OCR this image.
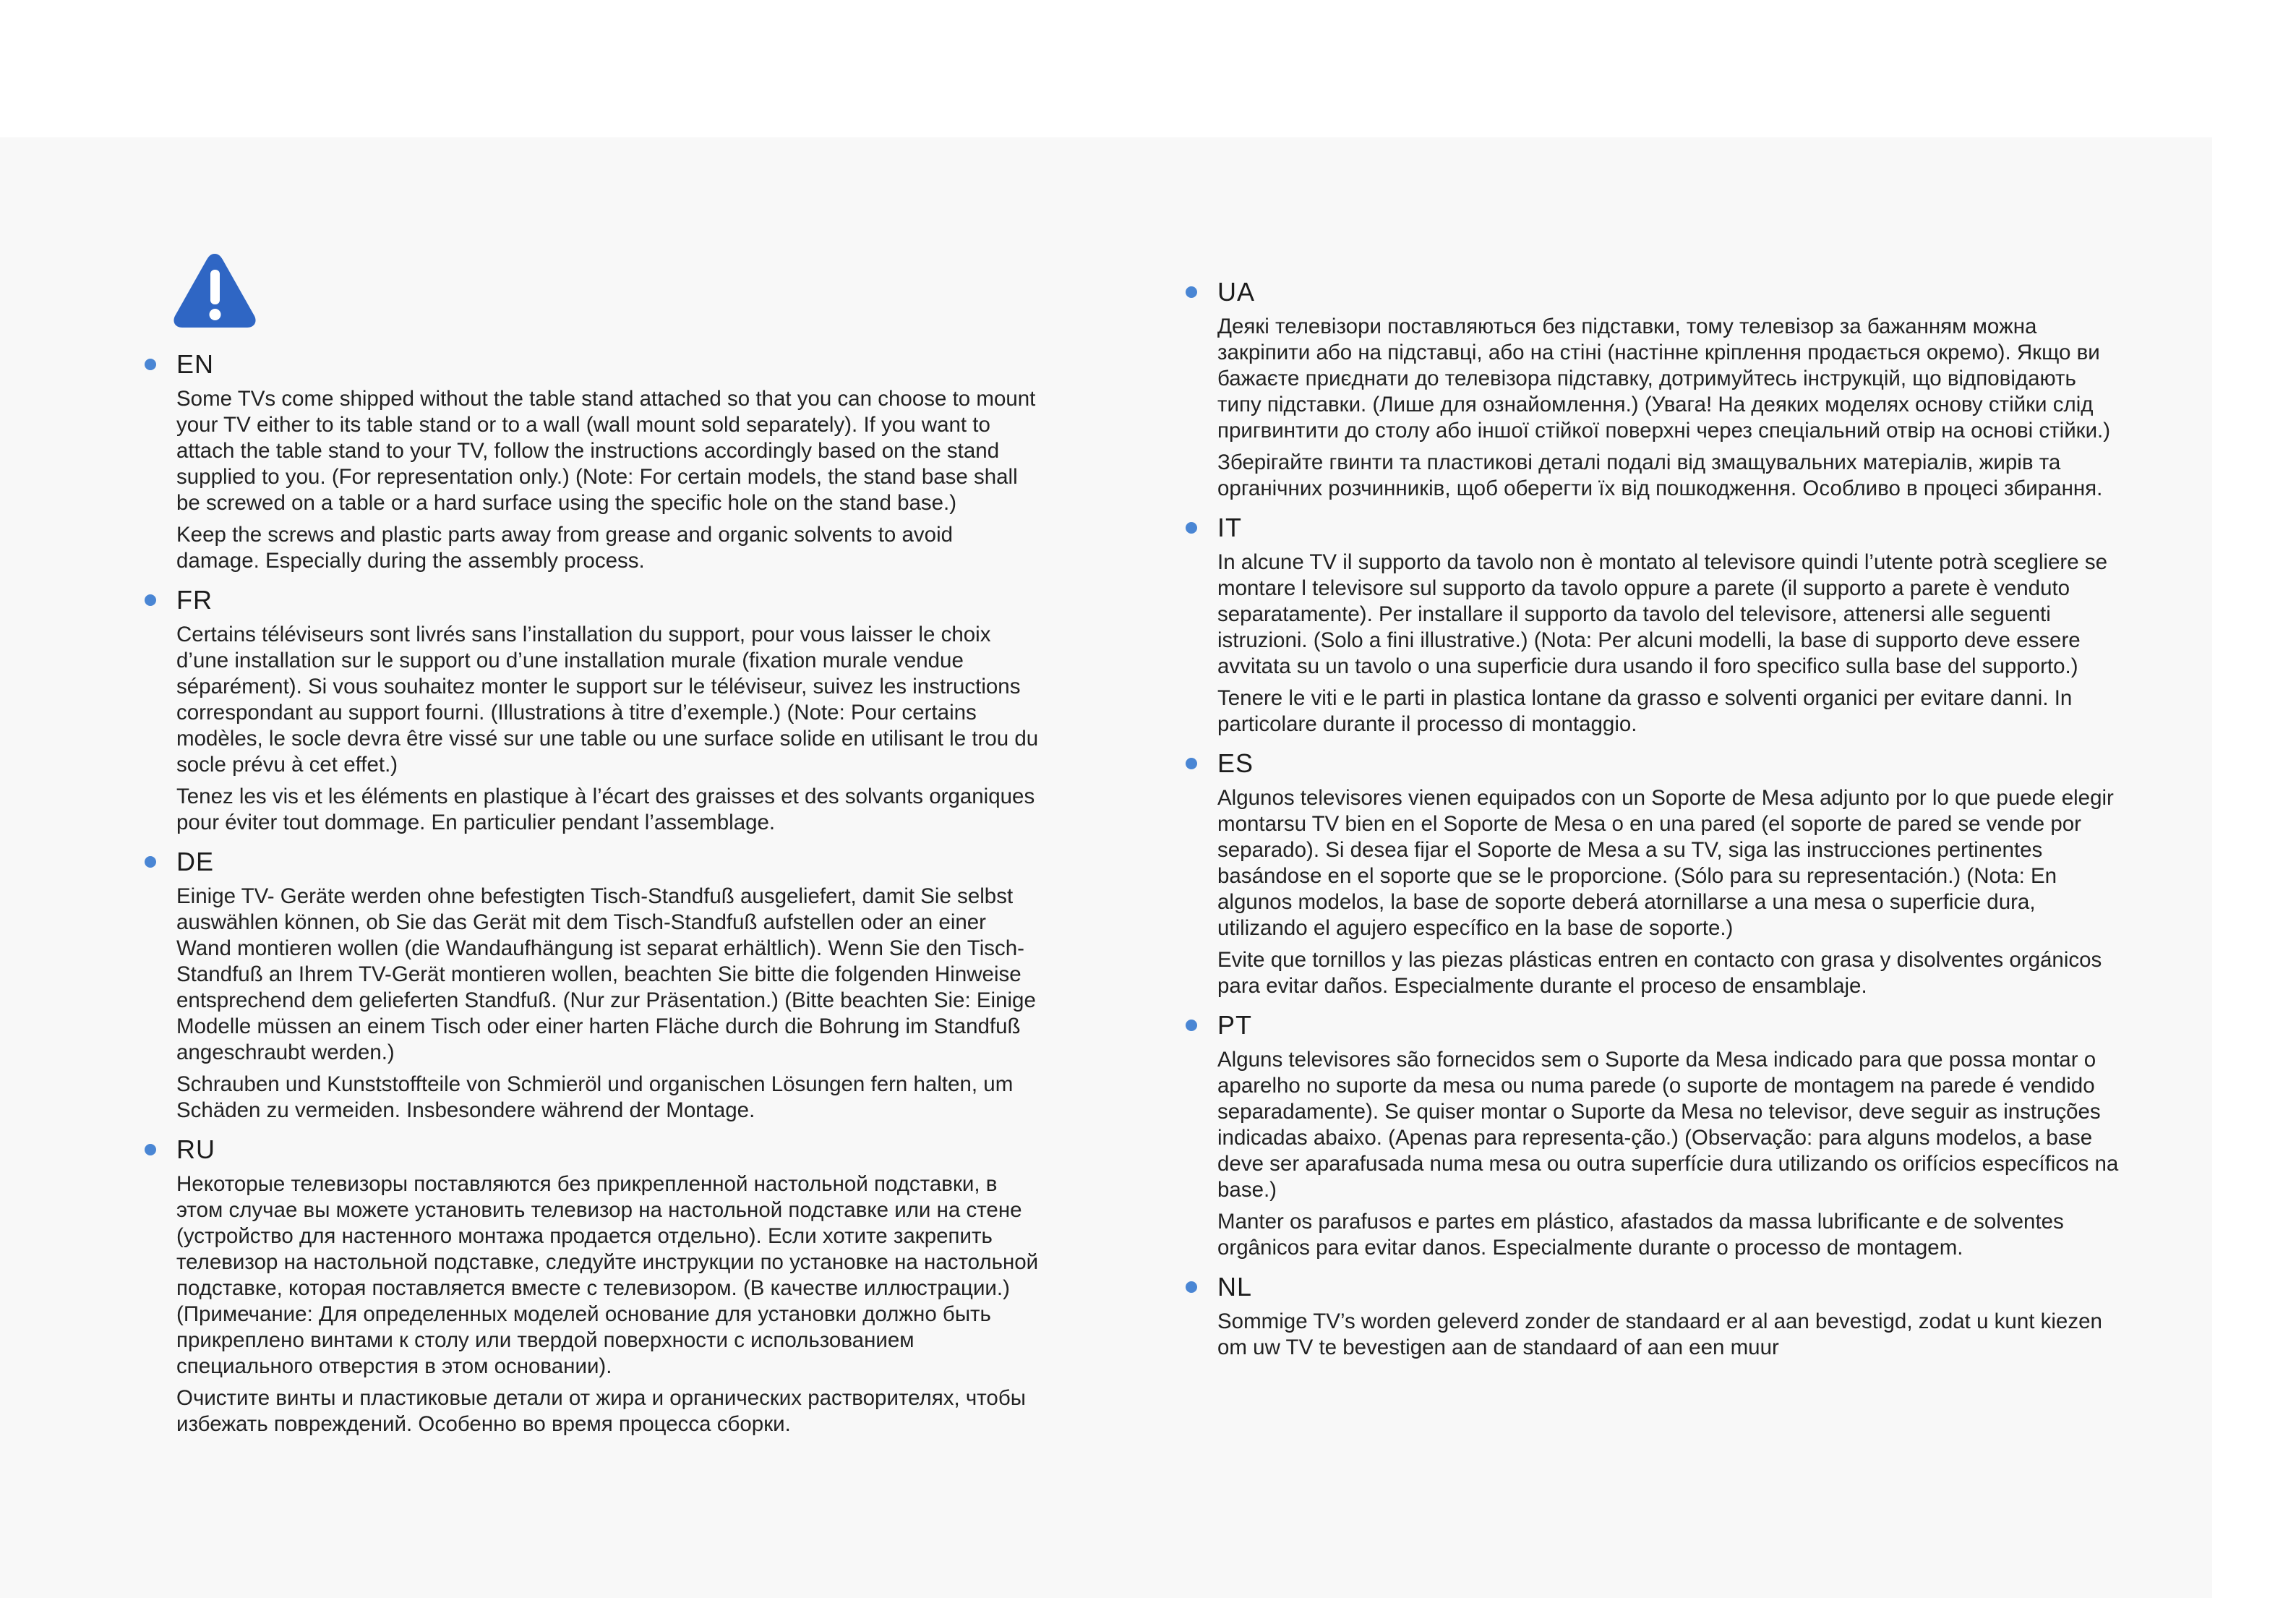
EN

Some TVs come shipped without the table stand attached so that you can choose to mount your TV either to its table stand or to a wall (wall mount sold separately). If you want to attach the table stand to your TV, follow the instructions accordingly based on the stand supplied to you. (For representation only.) (Note: For certain models, the stand base shall be screwed on a table or a hard surface using the specific hole on the stand base.)

Keep the screws and plastic parts away from grease and organic solvents to avoid damage. Especially during the assembly process.

FR

Certains téléviseurs sont livrés sans l’installation du support, pour vous laisser le choix d’une installation sur le support ou d’une installation murale (fixation murale vendue séparément). Si vous souhaitez monter le support sur le téléviseur, suivez les instructions correspondant au support fourni. (Illustrations à titre d’exemple.) (Note: Pour certains modèles, le socle devra être vissé sur une table ou une surface solide en utilisant le trou du socle prévu à cet effet.)

Tenez les vis et les éléments en plastique à l’écart des graisses et des solvants organiques pour éviter tout dommage. En particulier pendant l’assemblage.

DE

Einige TV- Geräte werden ohne befestigten Tisch-Standfuß ausgeliefert, damit Sie selbst auswählen können, ob Sie das Gerät mit dem Tisch-Standfuß aufstellen oder an einer Wand montieren wollen (die Wandaufhängung ist separat erhältlich). Wenn Sie den Tisch-Standfuß an Ihrem TV-Gerät montieren wollen, beachten Sie bitte die folgenden Hinweise entsprechend dem gelieferten Standfuß. (Nur zur Präsentation.) (Bitte beachten Sie: Einige Modelle müssen an einem Tisch oder einer harten Fläche durch die Bohrung im Standfuß angeschraubt werden.)

Schrauben und Kunststoffteile von Schmieröl und organischen Lösungen fern halten, um Schäden zu vermeiden. Insbesondere während der Montage.

RU

Некоторые телевизоры поставляются без прикрепленной настольной подставки, в этом случае вы можете установить телевизор на настольной подставке или на стене (устройство для настенного монтажа продается отдельно). Если хотите закрепить телевизор на настольной подставке, следуйте инструкции по установке на настольной подставке, которая поставляется вместе с телевизором. (В качестве иллюстрации.) (Примечание: Для определенных моделей основание для установки должно быть прикреплено винтами к столу или твердой поверхности с использованием специального отверстия в этом основании).

Очистите винты и пластиковые детали от жира и органических растворителях, чтобы избежать повреждений. Особенно во время процесса сборки.

UA

Деякі телевізори поставляються без підставки, тому телевізор за бажанням можна закріпити або на підставці, або на стіні (настінне кріплення продається окремо). Якщо ви бажаєте приєднати до телевізора підставку, дотримуйтесь інструкцій, що відповідають типу підставки. (Лише для ознайомлення.) (Увага! На деяких моделях основу стійки слід пригвинтити до столу або іншої стійкої поверхні через спеціальний отвір на основі стійки.)

Зберігайте гвинти та пластикові деталі подалі від змащувальних матеріалів, жирів та органічних розчинників, щоб оберегти їх від пошкодження. Особливо в процесі збирання.

IT

In alcune TV il supporto da tavolo non è montato al televisore quindi l’utente potrà scegliere se montare l televisore sul supporto da tavolo oppure a parete (il supporto a parete è venduto separatamente). Per installare il supporto da tavolo del televisore, attenersi alle seguenti istruzioni. (Solo a fini illustrative.) (Nota: Per alcuni modelli, la base di supporto deve essere avvitata su un tavolo o una superficie dura usando il foro specifico sulla base del supporto.)

Tenere le viti e le parti in plastica lontane da grasso e solventi organici per evitare danni. In particolare durante il processo di montaggio.

ES

Algunos televisores vienen equipados con un Soporte de Mesa adjunto por lo que puede elegir montarsu TV bien en el Soporte de Mesa o en una pared (el soporte de pared se vende por separado). Si desea fijar el Soporte de Mesa a su TV, siga las instrucciones pertinentes basándose en el soporte que se le proporcione. (Sólo para su representación.) (Nota: En algunos modelos, la base de soporte deberá atornillarse a una mesa o superficie dura, utilizando el agujero específico en la base de soporte.)

Evite que tornillos y las piezas plásticas entren en contacto con grasa y disolventes orgánicos para evitar daños. Especialmente durante el proceso de ensamblaje.

PT

Alguns televisores são fornecidos sem o Suporte da Mesa indicado para que possa montar o aparelho no suporte da mesa ou numa parede (o suporte de montagem na parede é vendido separadamente). Se quiser montar o Suporte da Mesa no televisor, deve seguir as instruções indicadas abaixo. (Apenas para representa-ção.) (Observação: para alguns modelos, a base deve ser aparafusada numa mesa ou outra superfície dura utilizando os orifícios específicos na base.)

Manter os parafusos e partes em plástico, afastados da massa lubrificante e de solventes orgânicos para evitar danos. Especialmente durante o processo de montagem.

NL

Sommige TV’s worden geleverd zonder de standaard er al aan bevestigd, zodat u kunt kiezen om uw TV te bevestigen aan de standaard of aan een muur
